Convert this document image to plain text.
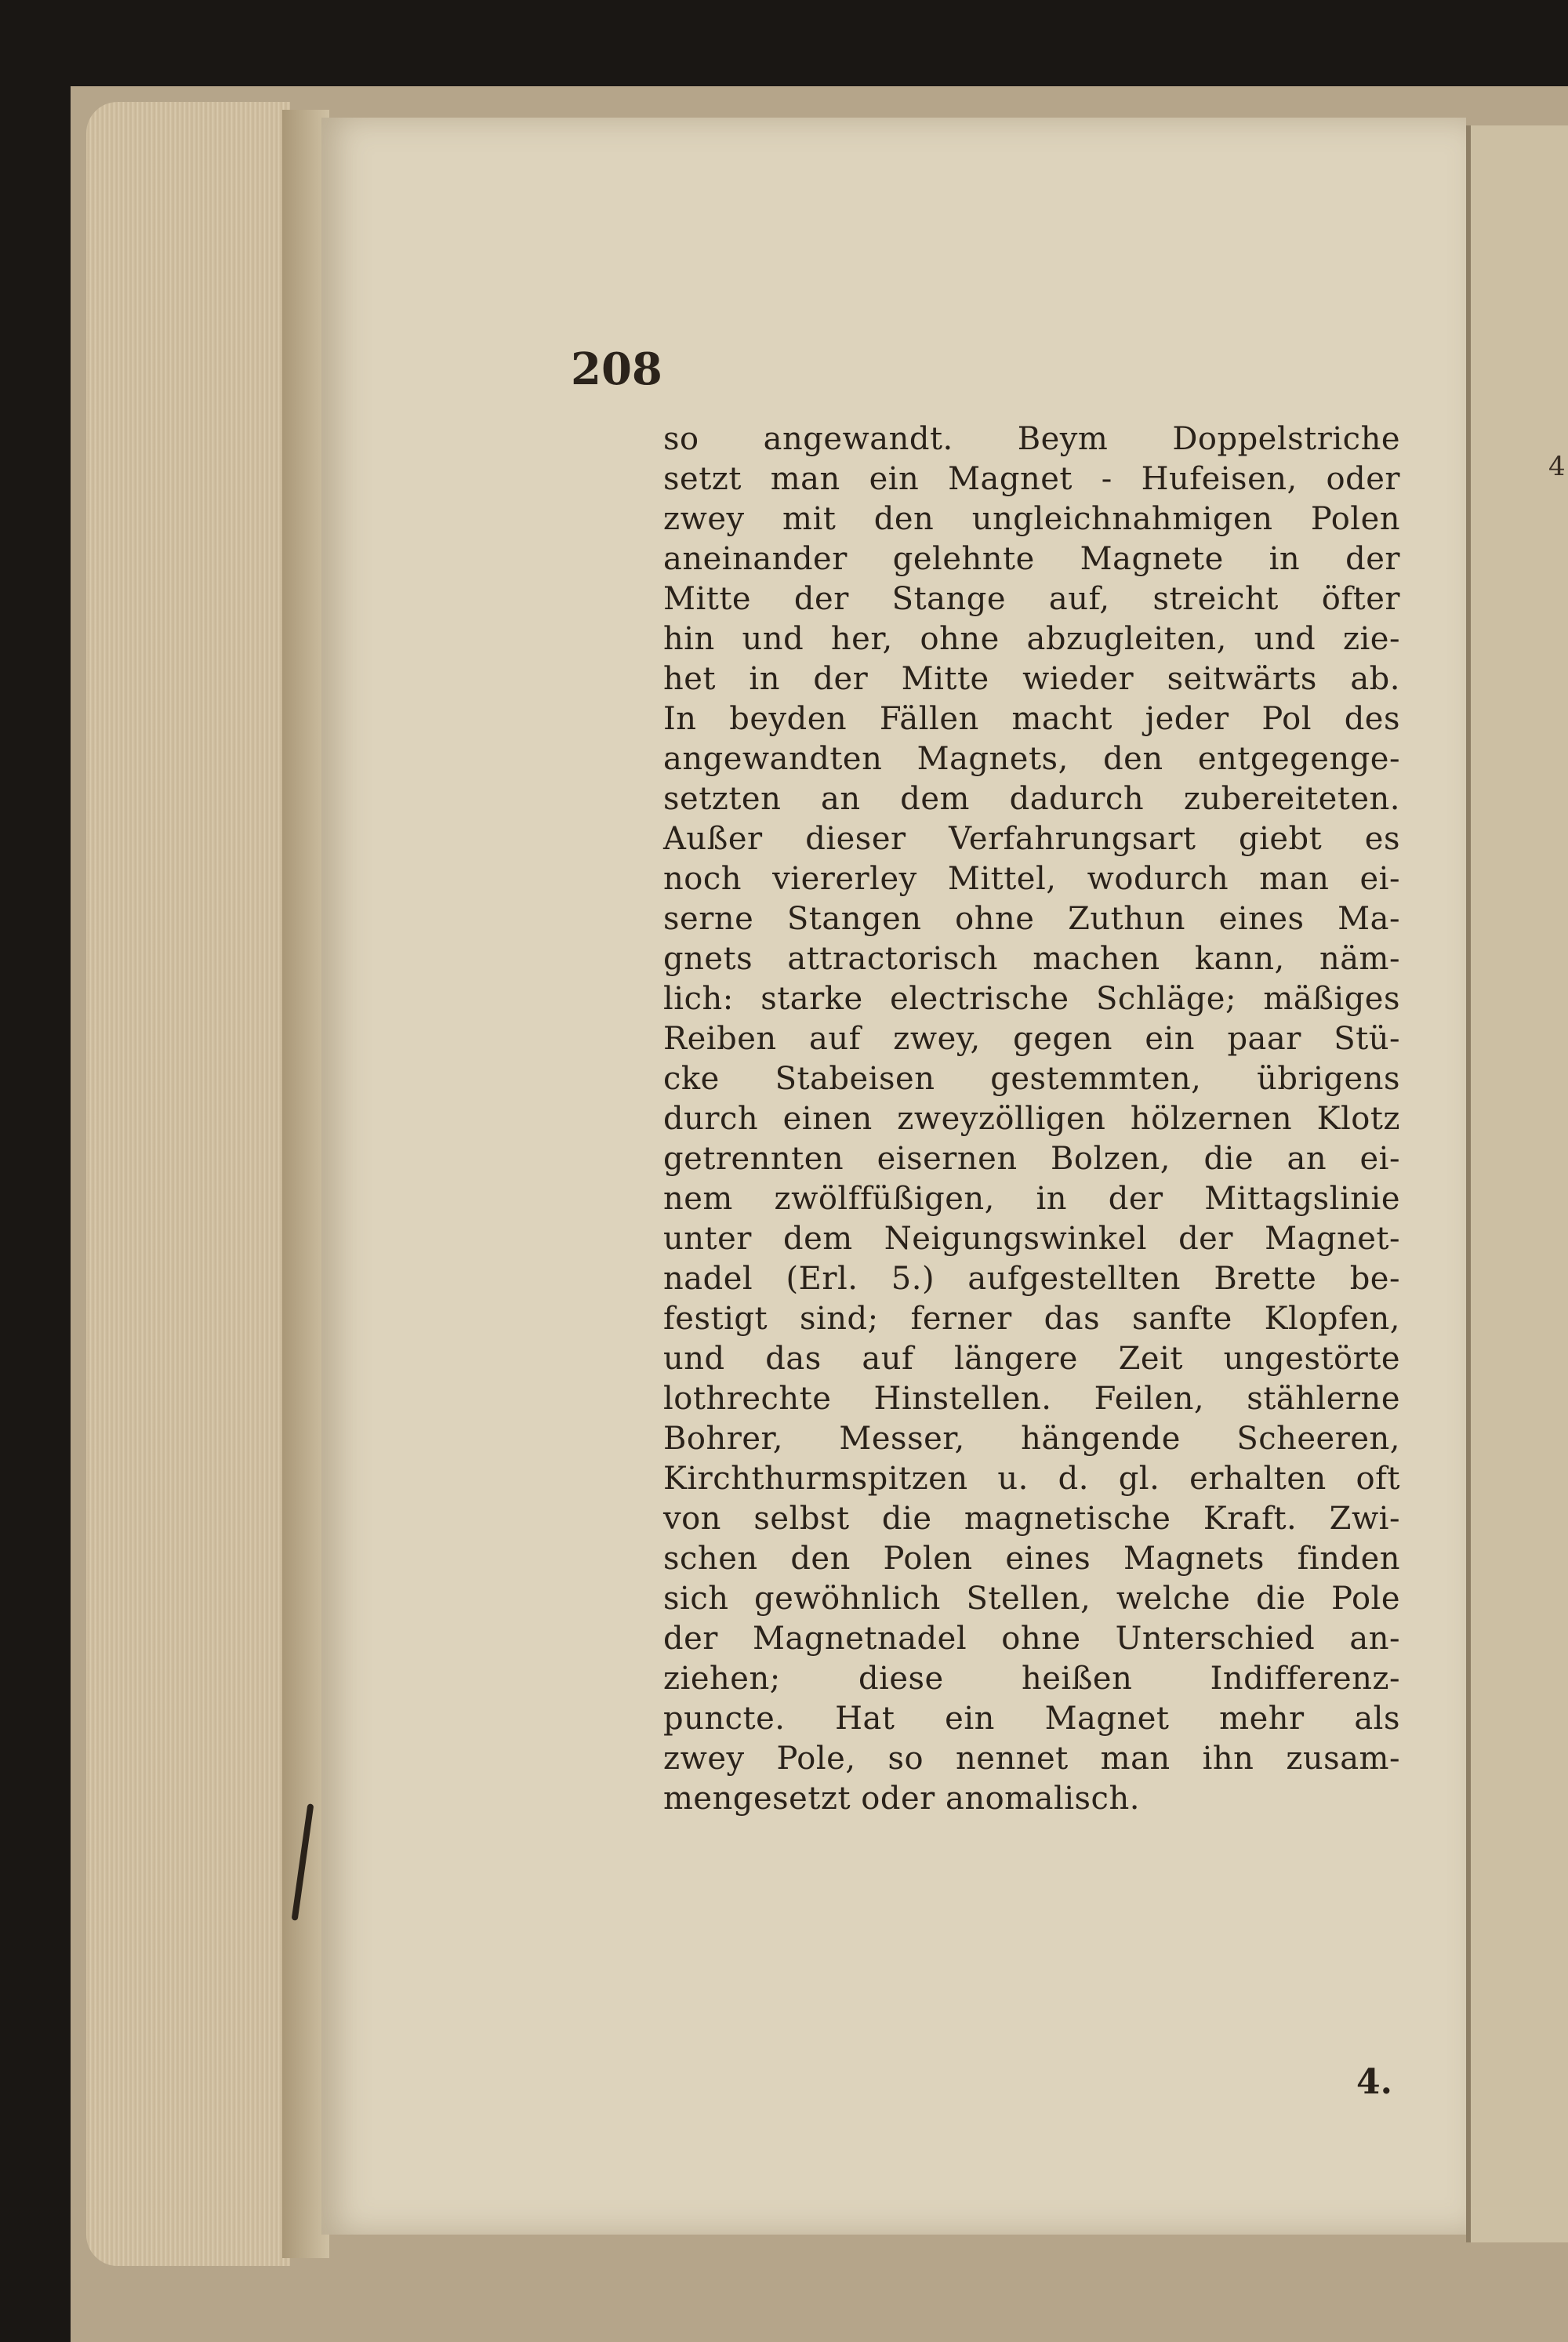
4
208
so angewandt. Beym Doppelstriche
setzt man ein Magnet - Hufeisen, oder
zwey mit den ungleichnahmigen Polen
aneinander gelehnte Magnete in der
Mitte der Stange auf, streicht öfter
hin und her, ohne abzugleiten, und zie-
het in der Mitte wieder seitwärts ab.
In beyden Fällen macht jeder Pol des
angewandten Magnets, den entgegenge-
setzten an dem dadurch zubereiteten.
Außer dieser Verfahrungsart giebt es
noch viererley Mittel, wodurch man ei-
serne Stangen ohne Zuthun eines Ma-
gnets attractorisch machen kann, näm-
lich: starke electrische Schläge; mäßiges
Reiben auf zwey, gegen ein paar Stü-
cke Stabeisen gestemmten, übrigens
durch einen zweyzölligen hölzernen Klotz
getrennten eisernen Bolzen, die an ei-
nem zwölffüßigen, in der Mittagslinie
unter dem Neigungswinkel der Magnet-
nadel (Erl. 5.) aufgestellten Brette be-
festigt sind; ferner das sanfte Klopfen,
und das auf längere Zeit ungestörte
lothrechte Hinstellen. Feilen, stählerne
Bohrer, Messer, hängende Scheeren,
Kirchthurmspitzen u. d. gl. erhalten oft
von selbst die magnetische Kraft. Zwi-
schen den Polen eines Magnets finden
sich gewöhnlich Stellen, welche die Pole
der Magnetnadel ohne Unterschied an-
ziehen; diese heißen Indifferenz-
puncte. Hat ein Magnet mehr als
zwey Pole, so nennet man ihn zusam-
mengesetzt oder anomalisch.
4.
